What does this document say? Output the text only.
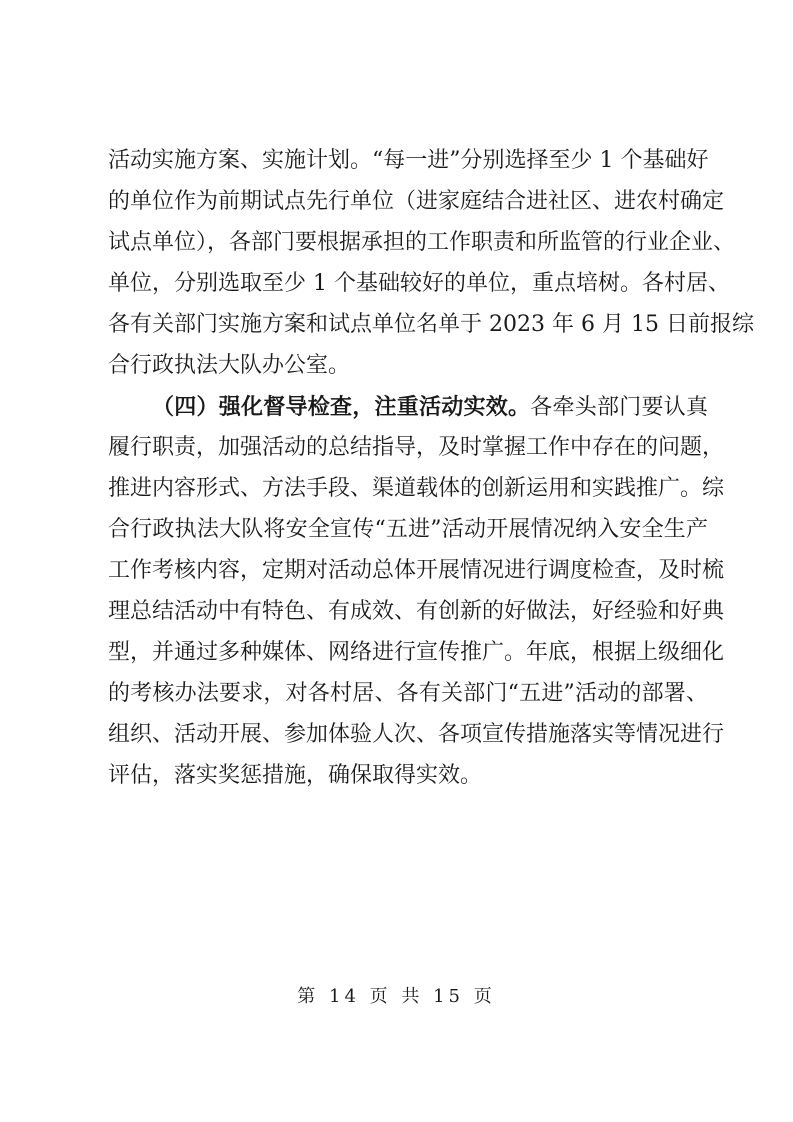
活动实施方案、实施计划。“每一进”分别选择至少 1 个基础好

的单位作为前期试点先行单位（进家庭结合进社区、进农村确定

试点单位），各部门要根据承担的工作职责和所监管的行业企业、

单位，分别选取至少 1 个基础较好的单位，重点培树。各村居、

各有关部门实施方案和试点单位名单于 2023 年 6 月 15 日前报综

合行政执法大队办公室。

（四）强化督导检查，注重活动实效。各牵头部门要认真

履行职责，加强活动的总结指导，及时掌握工作中存在的问题，

推进内容形式、方法手段、渠道载体的创新运用和实践推广。综

合行政执法大队将安全宣传“五进”活动开展情况纳入安全生产

工作考核内容，定期对活动总体开展情况进行调度检查，及时梳

理总结活动中有特色、有成效、有创新的好做法，好经验和好典

型，并通过多种媒体、网络进行宣传推广。年底，根据上级细化

的考核办法要求，对各村居、各有关部门“五进”活动的部署、

组织、活动开展、参加体验人次、各项宣传措施落实等情况进行

评估，落实奖惩措施，确保取得实效。

第 14 页 共 15 页
